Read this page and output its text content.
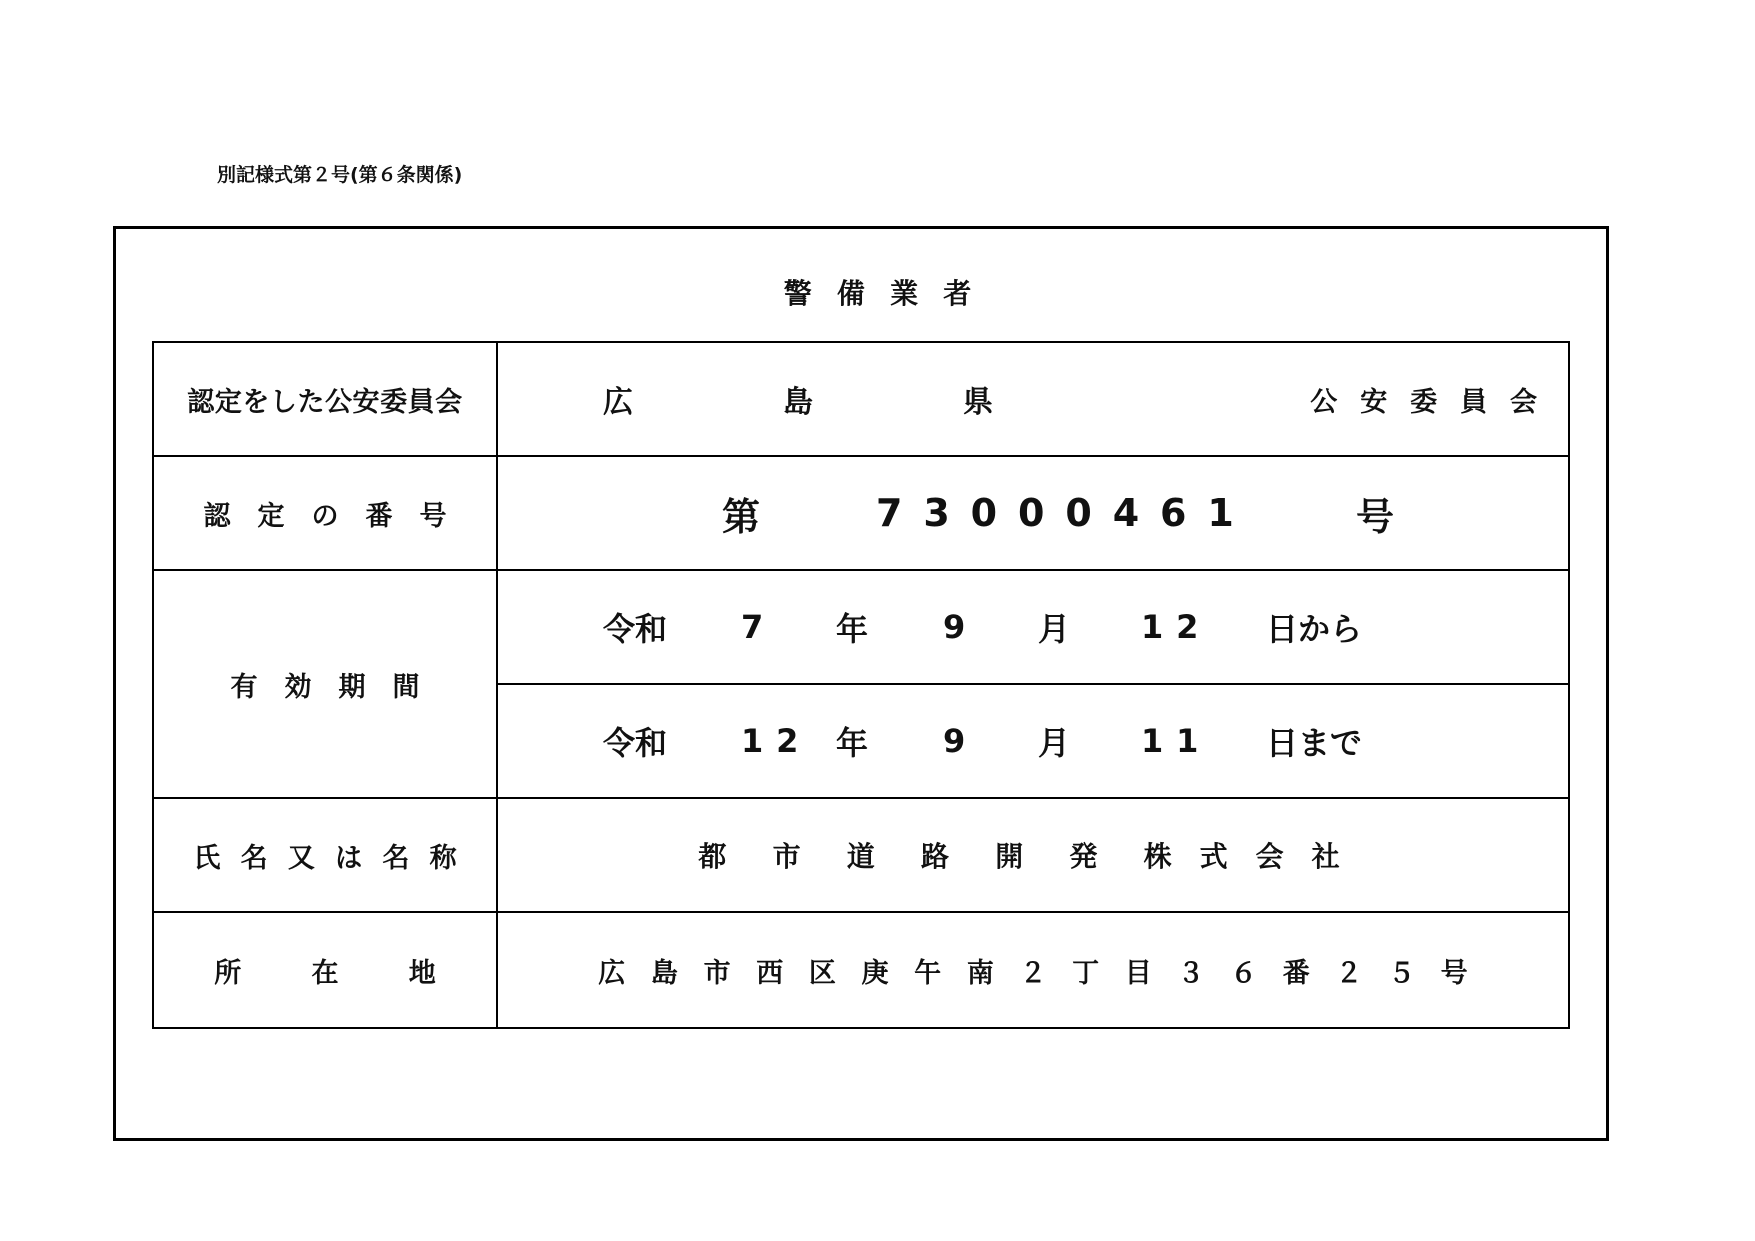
別記様式第２号(第６条関係)
警備業者
認定をした公安委員会	広島県	公安委員会
認定の番号	第	73000461	号
有効期間
令和 7 年 9 月 12 日から
令和 12 年 9 月 11 日まで
氏名又は名称	都市道路開発 株式会社
所在地	広島市西区庚午南２丁目３６番２５号
